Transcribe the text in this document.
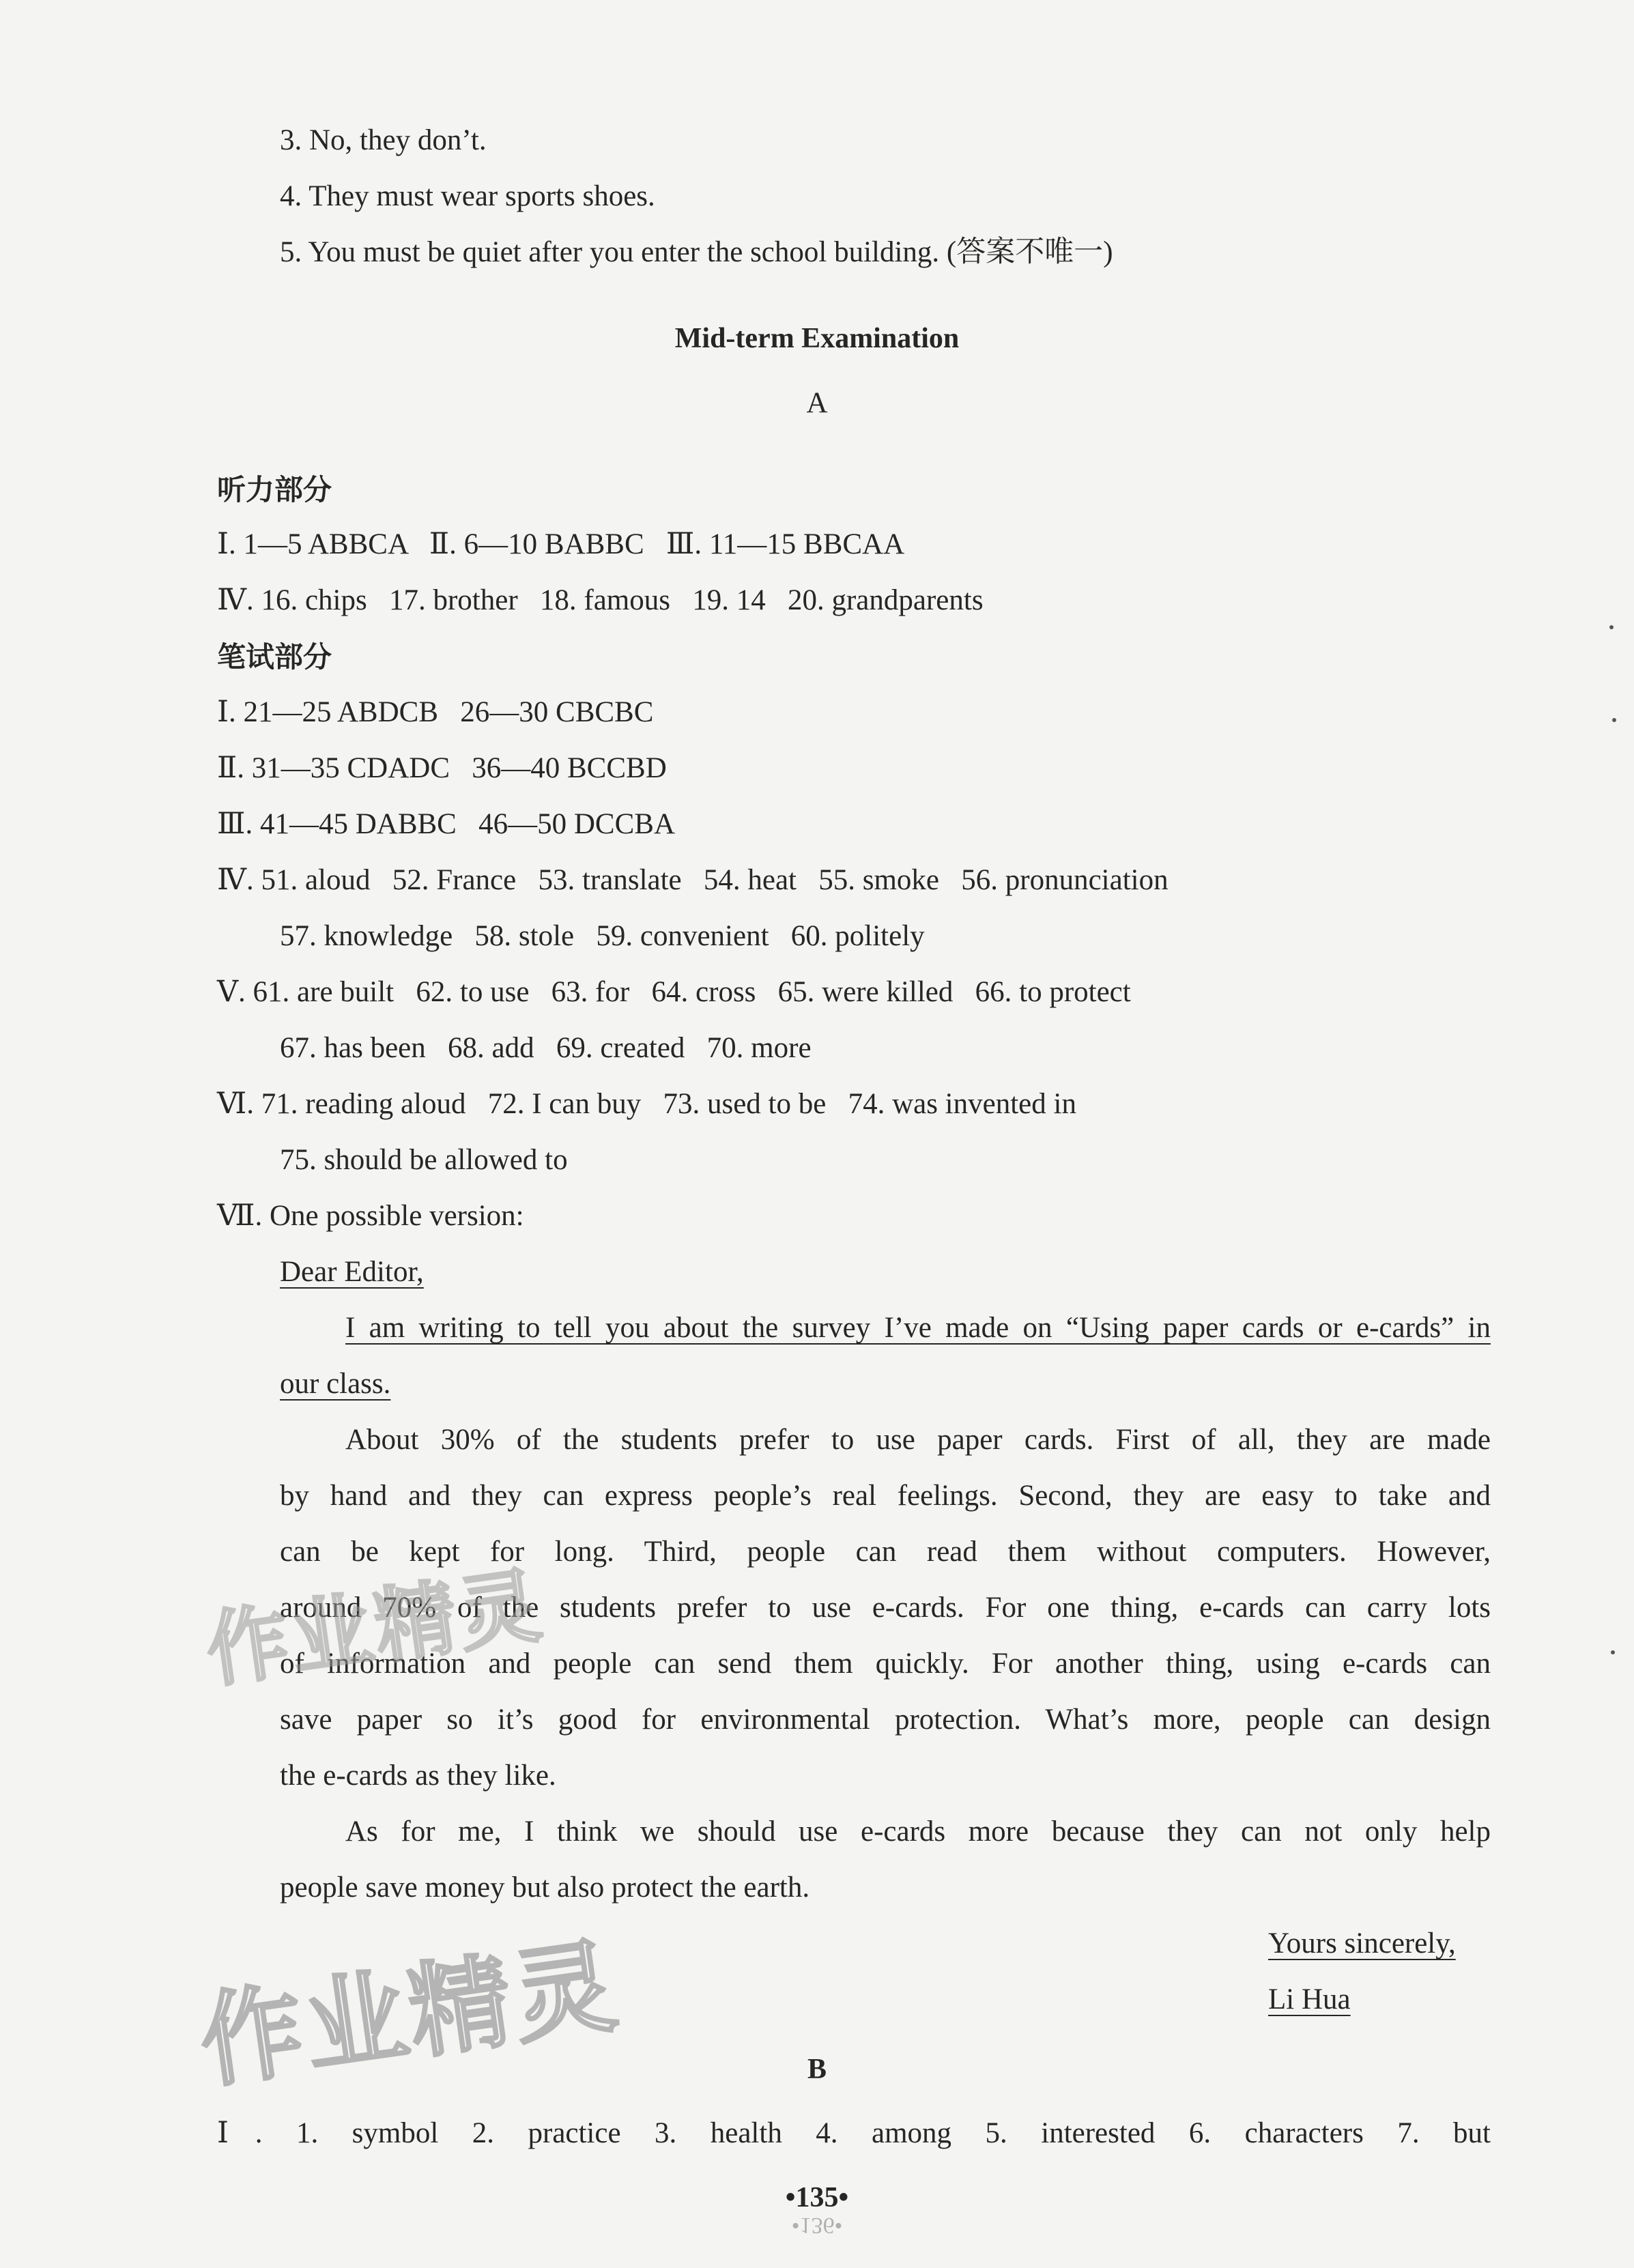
3. No, they don’t.
4. They must wear sports shoes.
5. You must be quiet after you enter the school building. (答案不唯一)
Mid-term Examination
A
听力部分
Ⅰ. 1—5 ABBCA   Ⅱ. 6—10 BABBC   Ⅲ. 11—15 BBCAA
Ⅳ. 16. chips   17. brother   18. famous   19. 14   20. grandparents
笔试部分
Ⅰ. 21—25 ABDCB   26—30 CBCBC
Ⅱ. 31—35 CDADC   36—40 BCCBD
Ⅲ. 41—45 DABBC   46—50 DCCBA
Ⅳ. 51. aloud   52. France   53. translate   54. heat   55. smoke   56. pronunciation
57. knowledge   58. stole   59. convenient   60. politely
Ⅴ. 61. are built   62. to use   63. for   64. cross   65. were killed   66. to protect
67. has been   68. add   69. created   70. more
Ⅵ. 71. reading aloud   72. I can buy   73. used to be   74. was invented in
75. should be allowed to
Ⅶ. One possible version:
Dear Editor,
I am writing to tell you about the survey I’ve made on “Using paper cards or e-cards” in
our class.
About 30% of the students prefer to use paper cards. First of all, they are made
by hand and they can express people’s real feelings. Second, they are easy to take and
can be kept for long. Third, people can read them without computers. However,
around 70% of the students prefer to use e-cards. For one thing, e-cards can carry lots
of information and people can send them quickly. For another thing, using e-cards can
save paper so it’s good for environmental protection. What’s more, people can design
the e-cards as they like.
As for me, I think we should use e-cards more because they can not only help
people save money but also protect the earth.
Yours sincerely,
Li Hua
B
Ⅰ. 1. symbol 2. practice 3. health 4. among 5. interested 6. characters 7. but
•135•
•136•
作业精灵
作业精灵
